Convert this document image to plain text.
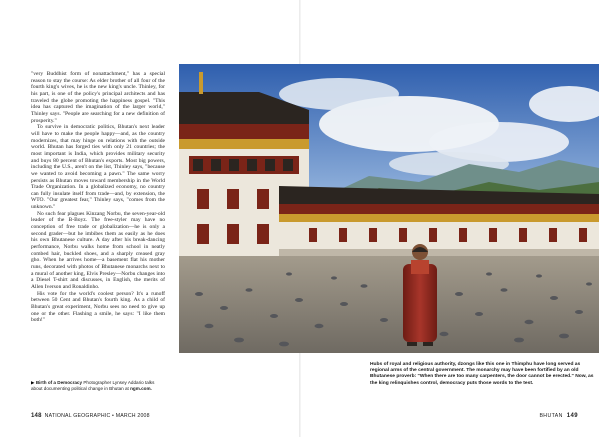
"very Buddhist form of nonattachment," has a special reason to stay the course: As elder brother of all four of the fourth king's wives, he is the new king's uncle. Thinley, for his part, is one of the policy's principal architects and has traveled the globe promoting the happiness gospel. "This idea has captured the imagination of the larger world," Thinley says. "People are searching for a new definition of prosperity."

To survive in democratic politics, Bhutan's next leader will have to make the people happy—and, as the country modernizes, that may hinge on relations with the outside world. Bhutan has forged ties with only 21 countries; the most important is India, which provides military security and buys 80 percent of Bhutan's exports. Most big powers, including the U.S., aren't on the list, Thinley says, "because we wanted to avoid becoming a pawn." The same worry persists as Bhutan moves toward membership in the World Trade Organization. In a globalized economy, no country can fully insulate itself from trade—and, by extension, the WTO. "Our greatest fear," Thinley says, "comes from the unknown."

No such fear plagues Kinzang Norbu, the seven-year-old leader of the B-Boyz. The free-styler may have no conception of free trade or globalization—he is only a second grader—but he imbibes them as easily as he does his own Bhutanese culture. A day after his break-dancing performance, Norbu walks home from school in neatly combed hair, buckled shoes, and a sharply creased gray gho. When he arrives home—a basement flat his mother runs, decorated with photos of Bhutanese monarchs next to a mural of another king, Elvis Presley—Norbu changes into a Diesel T-shirt and discusses, in English, the merits of Allen Iverson and Ronaldinho.

His vote for the world's coolest person? It's a runoff between 50 Cent and Bhutan's fourth king. As a child of Bhutan's great experiment, Norbu sees no need to give up one or the other. Flashing a smile, he says: "I like them both!"

▶ Birth of a Democracy Photographer Lynsey Addario talks about documenting political change in Bhutan at ngm.com.
Hubs of royal and religious authority, dzongs like this one in Thimphu have long served as regional arms of the central government. The monarchy may have been fortified by an old Bhutanese proverb: "When there are too many carpenters, the door cannot be erected." Now, as the king relinquishes control, democracy puts those words to the test.
148 NATIONAL GEOGRAPHIC • MARCH 2008	BHUTAN 149
